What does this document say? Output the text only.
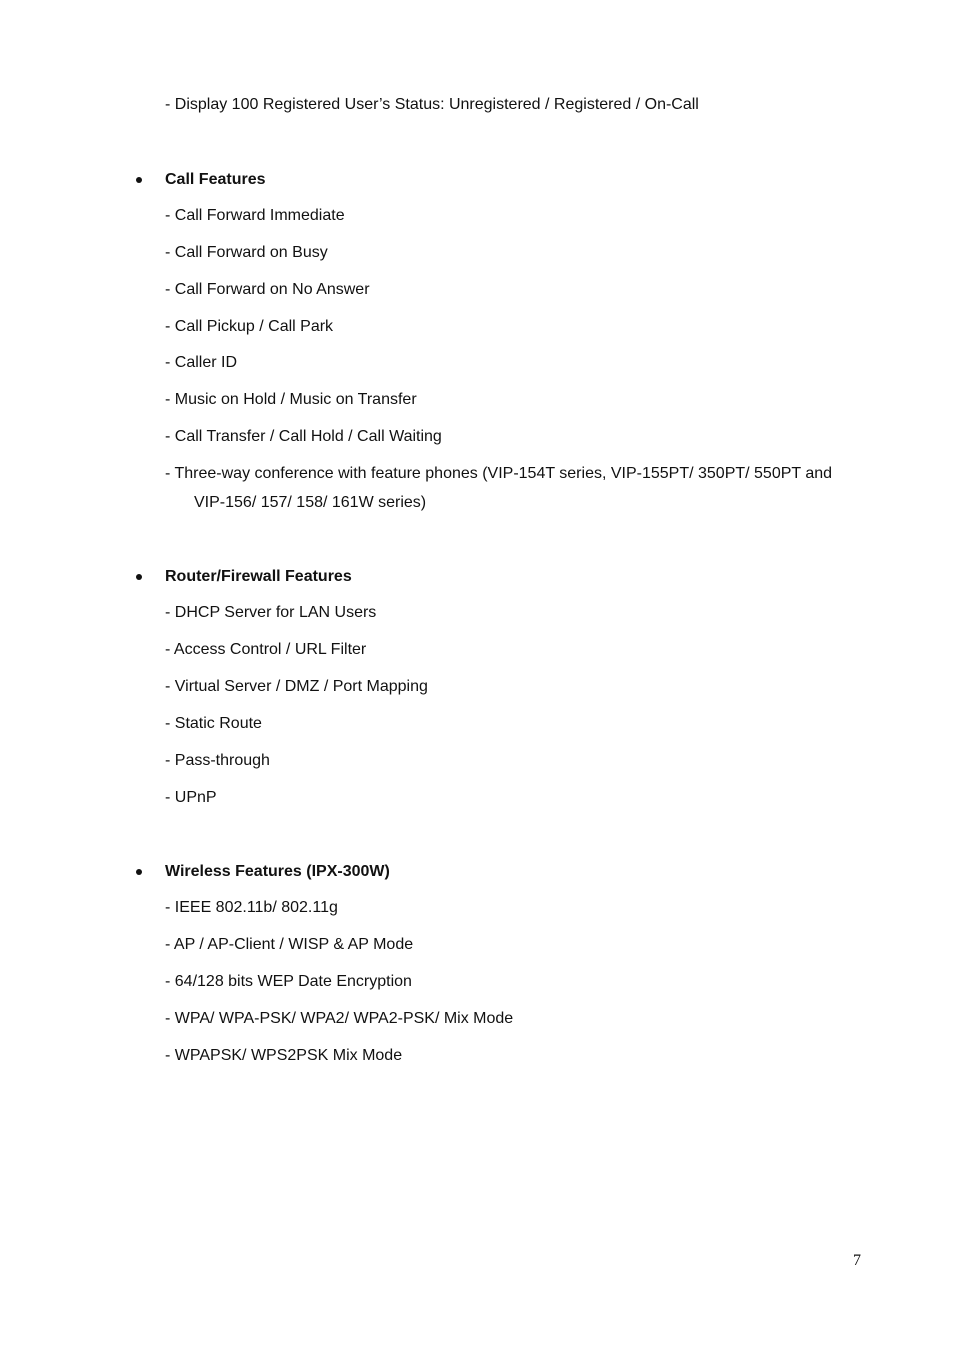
- Display 100 Registered User’s Status: Unregistered / Registered / On-Call
Call Features
- Call Forward Immediate
- Call Forward on Busy
- Call Forward on No Answer
- Call Pickup / Call Park
- Caller ID
- Music on Hold / Music on Transfer
- Call Transfer / Call Hold / Call Waiting
- Three-way conference with feature phones (VIP-154T series, VIP-155PT/ 350PT/ 550PT and
VIP-156/ 157/ 158/ 161W series)
Router/Firewall Features
- DHCP Server for LAN Users
- Access Control / URL Filter
- Virtual Server / DMZ / Port Mapping
- Static Route
- Pass-through
- UPnP
Wireless Features (IPX-300W)
- IEEE 802.11b/ 802.11g
- AP / AP-Client / WISP & AP Mode
- 64/128 bits WEP Date Encryption
- WPA/ WPA-PSK/ WPA2/ WPA2-PSK/ Mix Mode
- WPAPSK/ WPS2PSK Mix Mode
7
